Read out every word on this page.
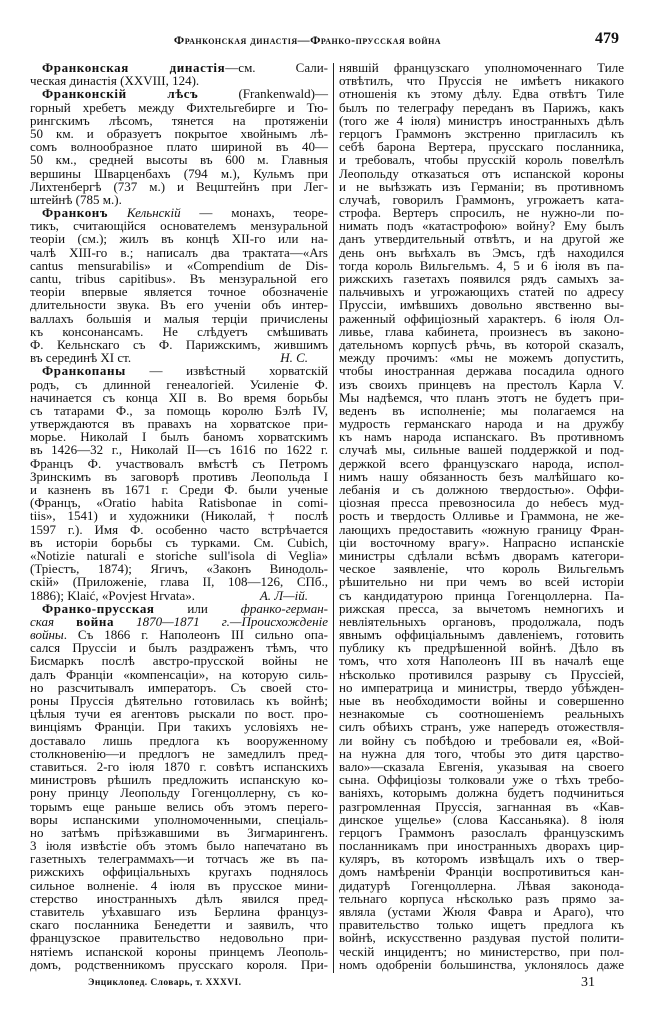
Франконская династія—Франко-прусская война	479
Франконская династія—см. Сали-
ческая династія (XXVIII, 124).
Франконскій лѣсъ (Frankenwald)—
горный хребетъ между Фихтельгебирге и Тю-
рингскимъ лѣсомъ, тянется на протяженіи
50 км. и образуетъ покрытое хвойнымъ лѣ-
сомъ волнообразное плато шириной въ 40—
50 км., средней высоты въ 600 м. Главныя
вершины Шварценбахъ (794 м.), Кульмъ при
Лихтенбергѣ (737 м.) и Вецштейнъ при Лег-
штейнѣ (785 м.).
Франконъ Кельнскій — монахъ, теоре-
тикъ, считающійся основателемъ мензуральной
теоріи (см.); жилъ въ концѣ XII-го или на-
чалѣ XIII-го в.; написалъ два трактата—«Ars
cantus mensurabilis» и «Compendium de Dis-
cantu, tribus capitibus». Въ мензуральной его
теоріи впервые является точное обозначеніе
длительности звука. Въ его ученіи объ интер-
валлахъ большія и малыя терціи причислены
къ консонансамъ. Не слѣдуетъ смѣшивать
Ф. Кельнскаго съ Ф. Парижскимъ, жившимъ
въ серединѣ XI ст.	Н. С.
Франкопаны — извѣстный хорватскій
родъ, съ длинной генеалогіей. Усиленіе Ф.
начинается съ конца XII в. Во время борьбы
съ татарами Ф., за помощь королю Бэлѣ IV,
утверждаются въ правахъ на хорватское при-
морье. Николай I былъ баномъ хорватскимъ
въ 1426—32 г., Николай II—съ 1616 по 1622 г.
Францъ Ф. участвовалъ вмѣстѣ съ Петромъ
Зринскимъ въ заговорѣ противъ Леопольда I
и казненъ въ 1671 г. Среди Ф. были ученые
(Францъ, «Oratio habita Ratisbonae in comi-
tiis», 1541) и художники (Николай, † послѣ
1597 г.). Имя Ф. особенно часто встрѣчается
въ исторіи борьбы съ турками. См. Cubich,
«Notizie naturali e storiche sull'isola di Veglia»
(Тріестъ, 1874); Ягичъ, «Законъ Винодоль-
скій» (Приложеніе, глава II, 108—126, СПб.,
1886); Klaić, «Povjest Hrvata».	А. Л—iй.
Франко-прусская или франко-герман-
ская война 1870—1871 г.—Происхожденіе
войны. Съ 1866 г. Наполеонъ III сильно опа-
сался Пруссіи и былъ раздраженъ тѣмъ, что
Бисмаркъ послѣ австро-прусской войны не
далъ Франціи «компенсаціи», на которую силь-
но разсчитывалъ императоръ. Съ своей сто-
роны Пруссія дѣятельно готовилась къ войнѣ;
цѣлыя тучи ея агентовъ рыскали по вост. про-
винціямъ Франціи. При такихъ условіяхъ не-
доставало лишь предлога къ вооруженному
столкновенію—и предлогъ не замедлилъ пред-
ставиться. 2-го іюля 1870 г. совѣтъ испанскихъ
министровъ рѣшилъ предложить испанскую ко-
рону принцу Леопольду Гогенцоллерну, съ ко-
торымъ еще раньше велись объ этомъ перего-
воры испанскими уполномоченными, спеціаль-
но затѣмъ пріѣзжавшими въ Зигмарингенъ.
3 іюля извѣстіе объ этомъ было напечатано въ
газетныхъ телеграммахъ—и тотчасъ же въ па-
рижскихъ оффиціальныхъ кругахъ поднялось
сильное волненіе. 4 іюля въ прусское мини-
стерство иностранныхъ дѣлъ явился пред-
ставитель уѣхавшаго изъ Берлина француз-
скаго посланника Бенедетти и заявилъ, что
французское правительство недовольно при-
нятіемъ испанской короны принцемъ Леополь-
домъ, родственникомъ прусскаго короля. При-
нявшій французскаго уполномоченнаго Тиле
отвѣтилъ, что Пруссія не имѣетъ никакого
отношенія къ этому дѣлу. Едва отвѣтъ Тиле
былъ по телеграфу переданъ въ Парижъ, какъ
(того же 4 іюля) министръ иностранныхъ дѣлъ
герцогъ Граммонъ экстренно пригласилъ къ
себѣ барона Вертера, прусскаго посланника,
и требовалъ, чтобы прусскій король повелѣлъ
Леопольду отказаться отъ испанской короны
и не выѣзжать изъ Германіи; въ противномъ
случаѣ, говорилъ Граммонъ, угрожаетъ ката-
строфа. Вертеръ спросилъ, не нужно-ли по-
нимать подъ «катастрофою» войну? Ему былъ
данъ утвердительный отвѣтъ, и на другой же
день онъ выѣхалъ въ Эмсъ, гдѣ находился
тогда король Вильгельмъ. 4, 5 и 6 іюля въ па-
рижскихъ газетахъ появился рядъ самыхъ за-
пальчивыхъ и угрожающихъ статей по адресу
Пруссіи, имѣвшихъ довольно явственно вы-
раженный оффиціозный характеръ. 6 іюля Ол-
ливье, глава кабинета, произнесъ въ законо-
дательномъ корпусѣ рѣчь, въ которой сказалъ,
между прочимъ: «мы не можемъ допустить,
чтобы иностранная держава посадила одного
изъ своихъ принцевъ на престолъ Карла V.
Мы надѣемся, что планъ этотъ не будетъ при-
веденъ въ исполненіе; мы полагаемся на
мудрость германскаго народа и на дружбу
къ намъ народа испанскаго. Въ противномъ
случаѣ мы, сильные вашей поддержкой и под-
держкой всего французскаго народа, испол-
нимъ нашу обязанность безъ малѣйшаго ко-
лебанія и съ должною твердостью». Оффи-
ціозная пресса превозносила до небесъ муд-
рость и твердость Олливье и Граммона, не же-
лающихъ предоставить «южную границу Фран-
ціи восточному врагу». Напрасно испанскіе
министры сдѣлали всѣмъ дворамъ категори-
ческое заявленіе, что король Вильгельмъ
рѣшительно ни при чемъ во всей исторіи
съ кандидатурою принца Гогенцоллерна. Па-
рижская пресса, за вычетомъ немногихъ и
невліятельныхъ органовъ, продолжала, подъ
явнымъ оффиціальнымъ давленіемъ, готовить
публику къ предрѣшенной войнѣ. Дѣло въ
томъ, что хотя Наполеонъ III въ началѣ еще
нѣсколько противился разрыву съ Пруссіей,
но императрица и министры, твердо убѣжден-
ные въ необходимости войны и совершенно
незнакомые съ соотношеніемъ реальныхъ
силъ обѣихъ странъ, уже напередъ отожествля-
ли войну съ побѣдою и требовали ея, «Вой-
на нужна для того, чтобы это дитя царство-
вало»—сказала Евгенія, указывая на своего
сына. Оффиціозы толковали уже о тѣхъ требо-
ваніяхъ, которымъ должна будетъ подчиниться
разгромленная Пруссія, загнанная въ «Кав-
динское ущелье» (слова Кассаньяка). 8 іюля
герцогъ Граммонъ разослалъ французскимъ
посланникамъ при иностранныхъ дворахъ цир-
куляръ, въ которомъ извѣщалъ ихъ о твер-
домъ намѣреніи Франціи воспротивиться кан-
дидатурѣ Гогенцоллерна. Лѣвая законода-
тельнаго корпуса нѣсколько разъ прямо за-
являла (устами Жюля Фавра и Араго), что
правительство только ищетъ предлога къ
войнѣ, искусственно раздувая пустой полити-
ческій инцидентъ; но министерство, при пол-
номъ одобреніи большинства, уклонялось даже
Энциклопед. Словарь, т. XXXVI.	31
